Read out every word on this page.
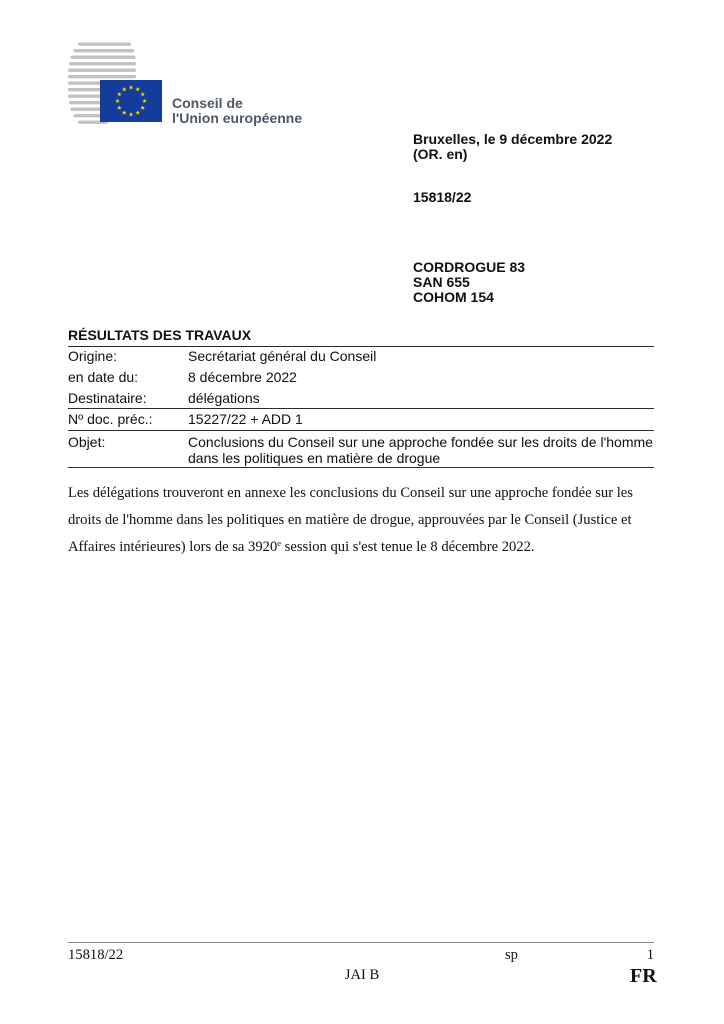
Conseil de
l'Union européenne
Bruxelles, le 9 décembre 2022
(OR. en)
15818/22
CORDROGUE 83
SAN 655
COHOM 154
RÉSULTATS DES TRAVAUX
Origine:	Secrétariat général du Conseil
en date du:	8 décembre 2022
Destinataire:	délégations
Nº doc. préc.:	15227/22 + ADD 1
Objet:	Conclusions du Conseil sur une approche fondée sur les droits de l'homme
dans les politiques en matière de drogue
Les délégations trouveront en annexe les conclusions du Conseil sur une approche fondée sur les
droits de l'homme dans les politiques en matière de drogue, approuvées par le Conseil (Justice et
Affaires intérieures) lors de sa 3920e session qui s'est tenue le 8 décembre 2022.
15818/22	sp	1
JAI B	FR
